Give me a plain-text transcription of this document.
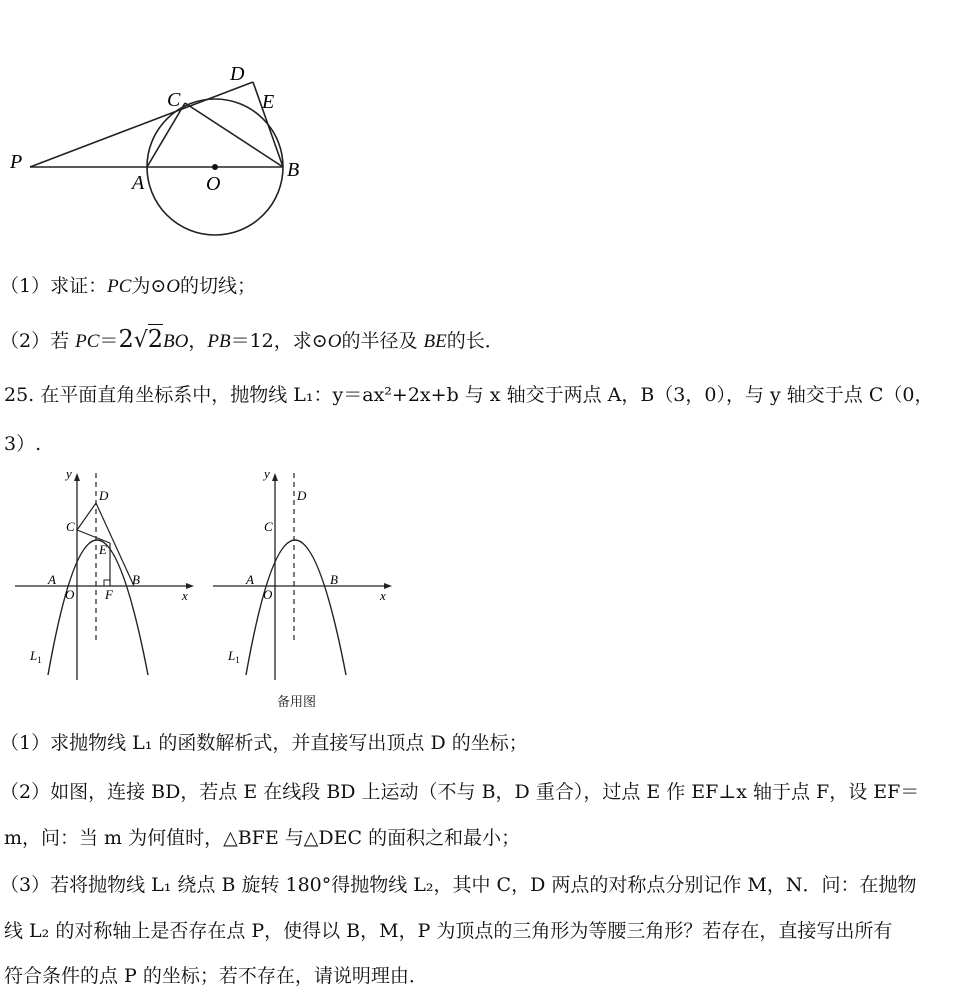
P
A	O
B
C
D
E
（1）求证：PC为⊙O的切线；
（2）若 PC＝2√2BO，PB＝12，求⊙O的半径及 BE的长．
25. 在平面直角坐标系中，抛物线 L₁：y＝ax²+2x+b 与 x 轴交于两点 A，B（3，0），与 y 轴交于点 C（0，
3）.
y
D
C
E
A	B
O F	x
$L_1$
y
D
C
A	B
O	x
$L_1$
备用图
（1）求抛物线 L₁ 的函数解析式，并直接写出顶点 D 的坐标；
（2）如图，连接 BD，若点 E 在线段 BD 上运动（不与 B，D 重合），过点 E 作 EF⊥x 轴于点 F，设 EF＝
m，问：当 m 为何值时，△BFE 与△DEC 的面积之和最小；
（3）若将抛物线 L₁ 绕点 B 旋转 180°得抛物线 L₂，其中 C，D 两点的对称点分别记作 M，N．问：在抛物
线 L₂ 的对称轴上是否存在点 P，使得以 B，M，P 为顶点的三角形为等腰三角形？若存在，直接写出所有
符合条件的点 P 的坐标；若不存在，请说明理由．
